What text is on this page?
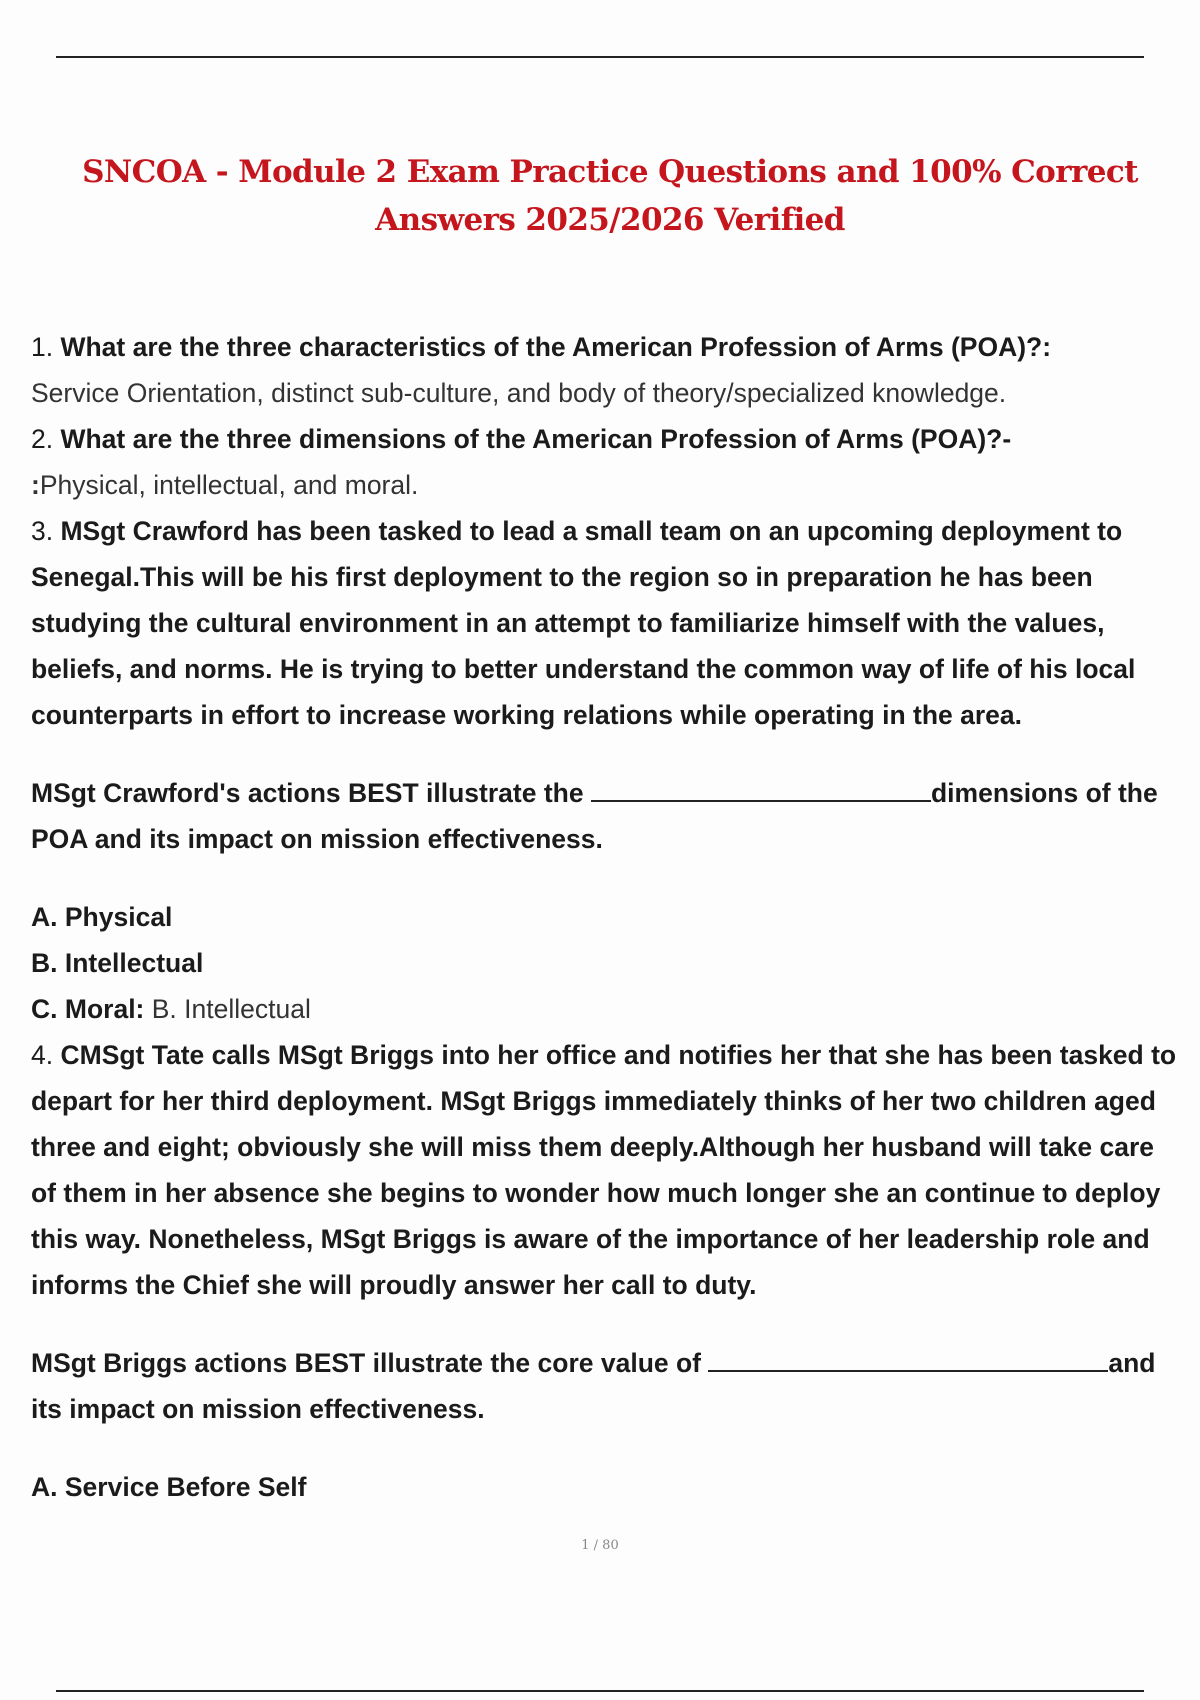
SNCOA - Module 2 Exam Practice Questions and 100% Correct Answers 2025/2026 Verified

1. What are the three characteristics of the American Profession of Arms (POA)?:

Service Orientation, distinct sub-culture, and body of theory/specialized knowledge.

2. What are the three dimensions of the American Profession of Arms (POA)?-

:Physical, intellectual, and moral.

3. MSgt Crawford has been tasked to lead a small team on an upcoming deployment to Senegal.This will be his first deployment to the region so in preparation he has been studying the cultural environment in an attempt to familiarize himself with the values, beliefs, and norms. He is trying to better understand the common way of life of his local counterparts in effort to increase working relations while operating in the area.

MSgt Crawford's actions BEST illustrate the	dimensions of the POA and its impact on mission effectiveness.

A. Physical

B. Intellectual

C. Moral: B. Intellectual

4. CMSgt Tate calls MSgt Briggs into her office and notifies her that she has been tasked to depart for her third deployment. MSgt Briggs immediately thinks of her two children aged three and eight; obviously she will miss them deeply.Although her husband will take care of them in her absence she begins to wonder how much longer she an continue to deploy this way. Nonetheless, MSgt Briggs is aware of the importance of her leadership role and informs the Chief she will proudly answer her call to duty.

MSgt Briggs actions BEST illustrate the core value of	and its impact on mission effectiveness.

A. Service Before Self

1 / 80
